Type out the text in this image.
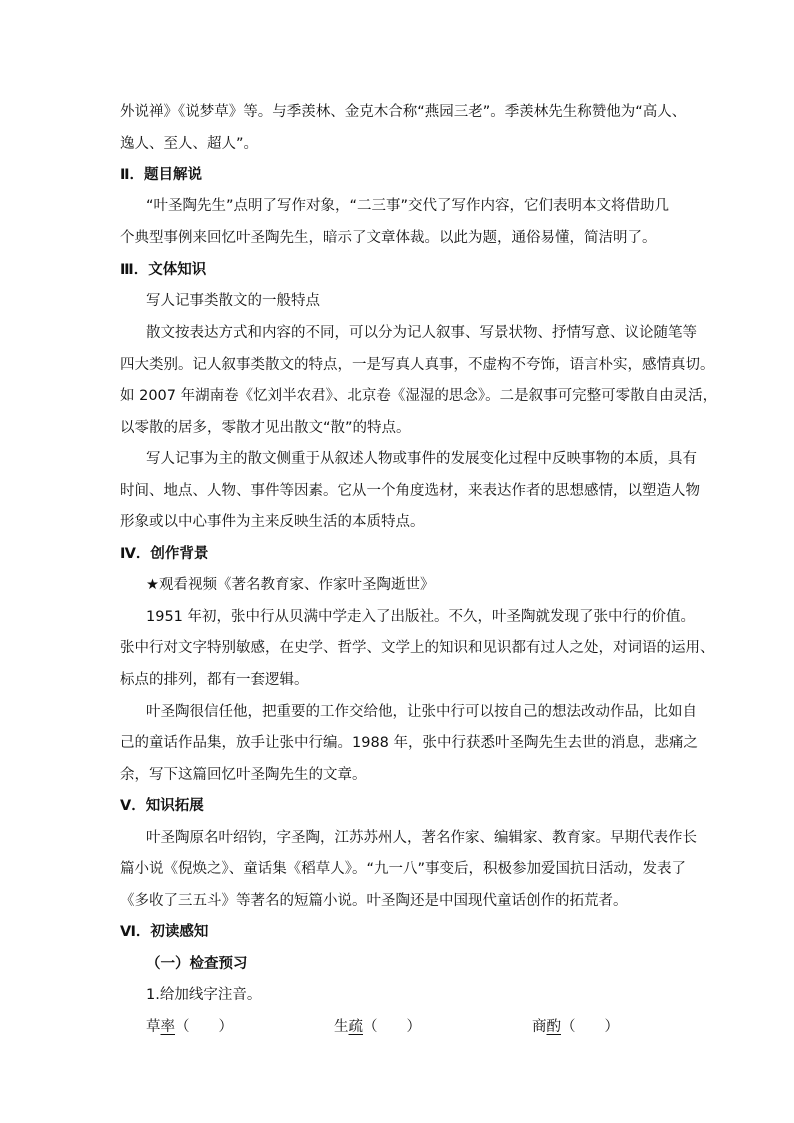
外说禅》《说梦草》等。与季羡林、金克木合称“燕园三老”。季羡林先生称赞他为“高人、
逸人、至人、超人”。
Ⅱ．题目解说
“叶圣陶先生”点明了写作对象，“二三事”交代了写作内容，它们表明本文将借助几
个典型事例来回忆叶圣陶先生，暗示了文章体裁。以此为题，通俗易懂，简洁明了。
Ⅲ．文体知识
写人记事类散文的一般特点
散文按表达方式和内容的不同，可以分为记人叙事、写景状物、抒情写意、议论随笔等
四大类别。记人叙事类散文的特点，一是写真人真事，不虚构不夸饰，语言朴实，感情真切。
如 2007 年湖南卷《忆刘半农君》、北京卷《湿湿的思念》。二是叙事可完整可零散自由灵活，
以零散的居多，零散才见出散文“散”的特点。
写人记事为主的散文侧重于从叙述人物或事件的发展变化过程中反映事物的本质，具有
时间、地点、人物、事件等因素。它从一个角度选材，来表达作者的思想感情，以塑造人物
形象或以中心事件为主来反映生活的本质特点。
Ⅳ．创作背景
★观看视频《著名教育家、作家叶圣陶逝世》
1951 年初，张中行从贝满中学走入了出版社。不久，叶圣陶就发现了张中行的价值。
张中行对文字特别敏感，在史学、哲学、文学上的知识和见识都有过人之处，对词语的运用、
标点的排列，都有一套逻辑。
叶圣陶很信任他，把重要的工作交给他，让张中行可以按自己的想法改动作品，比如自
己的童话作品集，放手让张中行编。1988 年，张中行获悉叶圣陶先生去世的消息，悲痛之
余，写下这篇回忆叶圣陶先生的文章。
Ⅴ．知识拓展
叶圣陶原名叶绍钧，字圣陶，江苏苏州人，著名作家、编辑家、教育家。早期代表作长
篇小说《倪焕之》、童话集《稻草人》。“九一八”事变后，积极参加爱国抗日活动，发表了
《多收了三五斗》等著名的短篇小说。叶圣陶还是中国现代童话创作的拓荒者。
Ⅵ．初读感知
（一）检查预习
1.给加线字注音。
草率（　　）	生疏（　　）	商酌（　　）
